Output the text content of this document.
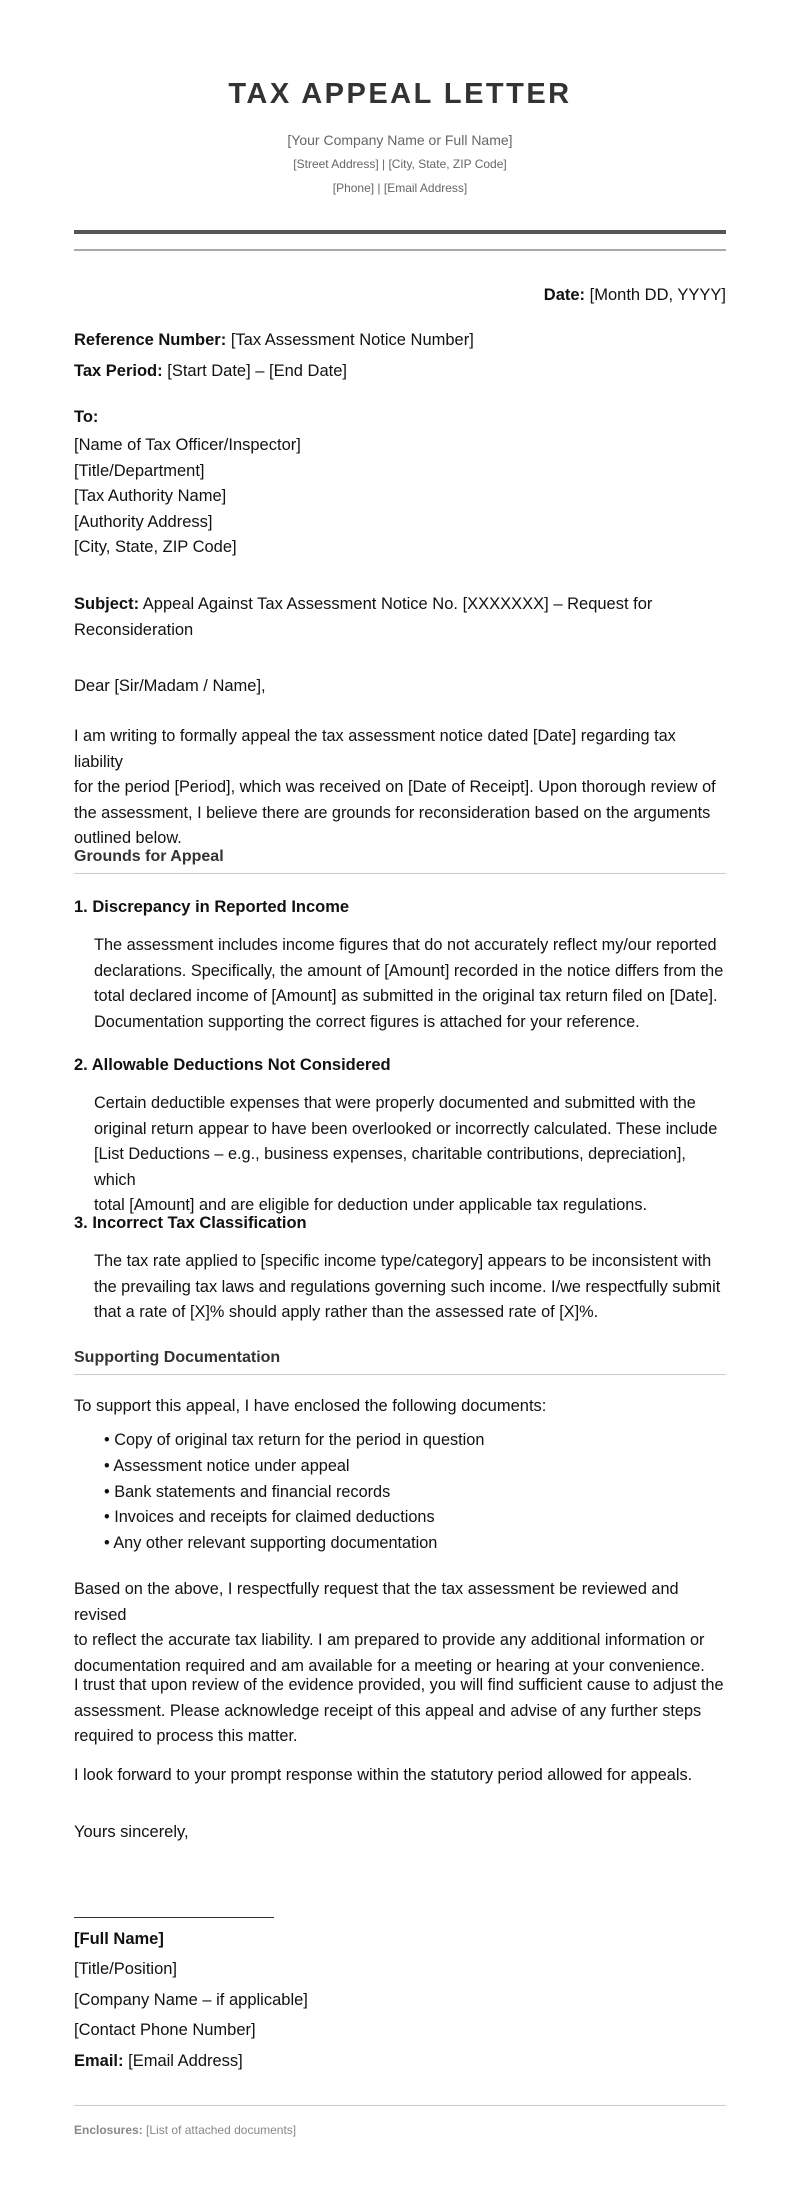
TAX APPEAL LETTER
[Your Company Name or Full Name]
[Street Address] | [City, State, ZIP Code]
[Phone] | [Email Address]
Date: [Month DD, YYYY]
Reference Number: [Tax Assessment Notice Number]
Tax Period: [Start Date] – [End Date]
To:
[Name of Tax Officer/Inspector]
[Title/Department]
[Tax Authority Name]
[Authority Address]
[City, State, ZIP Code]
Subject: Appeal Against Tax Assessment Notice No. [XXXXXXX] – Request for
Reconsideration
Dear [Sir/Madam / Name],
I am writing to formally appeal the tax assessment notice dated [Date] regarding tax liability
for the period [Period], which was received on [Date of Receipt]. Upon thorough review of
the assessment, I believe there are grounds for reconsideration based on the arguments
outlined below.
Grounds for Appeal
1. Discrepancy in Reported Income
The assessment includes income figures that do not accurately reflect my/our reported
declarations. Specifically, the amount of [Amount] recorded in the notice differs from the
total declared income of [Amount] as submitted in the original tax return filed on [Date].
Documentation supporting the correct figures is attached for your reference.
2. Allowable Deductions Not Considered
Certain deductible expenses that were properly documented and submitted with the
original return appear to have been overlooked or incorrectly calculated. These include
[List Deductions – e.g., business expenses, charitable contributions, depreciation], which
total [Amount] and are eligible for deduction under applicable tax regulations.
3. Incorrect Tax Classification
The tax rate applied to [specific income type/category] appears to be inconsistent with
the prevailing tax laws and regulations governing such income. I/we respectfully submit
that a rate of [X]% should apply rather than the assessed rate of [X]%.
Supporting Documentation
To support this appeal, I have enclosed the following documents:
• Copy of original tax return for the period in question
• Assessment notice under appeal
• Bank statements and financial records
• Invoices and receipts for claimed deductions
• Any other relevant supporting documentation
Based on the above, I respectfully request that the tax assessment be reviewed and revised
to reflect the accurate tax liability. I am prepared to provide any additional information or
documentation required and am available for a meeting or hearing at your convenience.
I trust that upon review of the evidence provided, you will find sufficient cause to adjust the
assessment. Please acknowledge receipt of this appeal and advise of any further steps
required to process this matter.
I look forward to your prompt response within the statutory period allowed for appeals.
Yours sincerely,
[Full Name]
[Title/Position]
[Company Name – if applicable]
[Contact Phone Number]
Email: [Email Address]
Enclosures: [List of attached documents]
